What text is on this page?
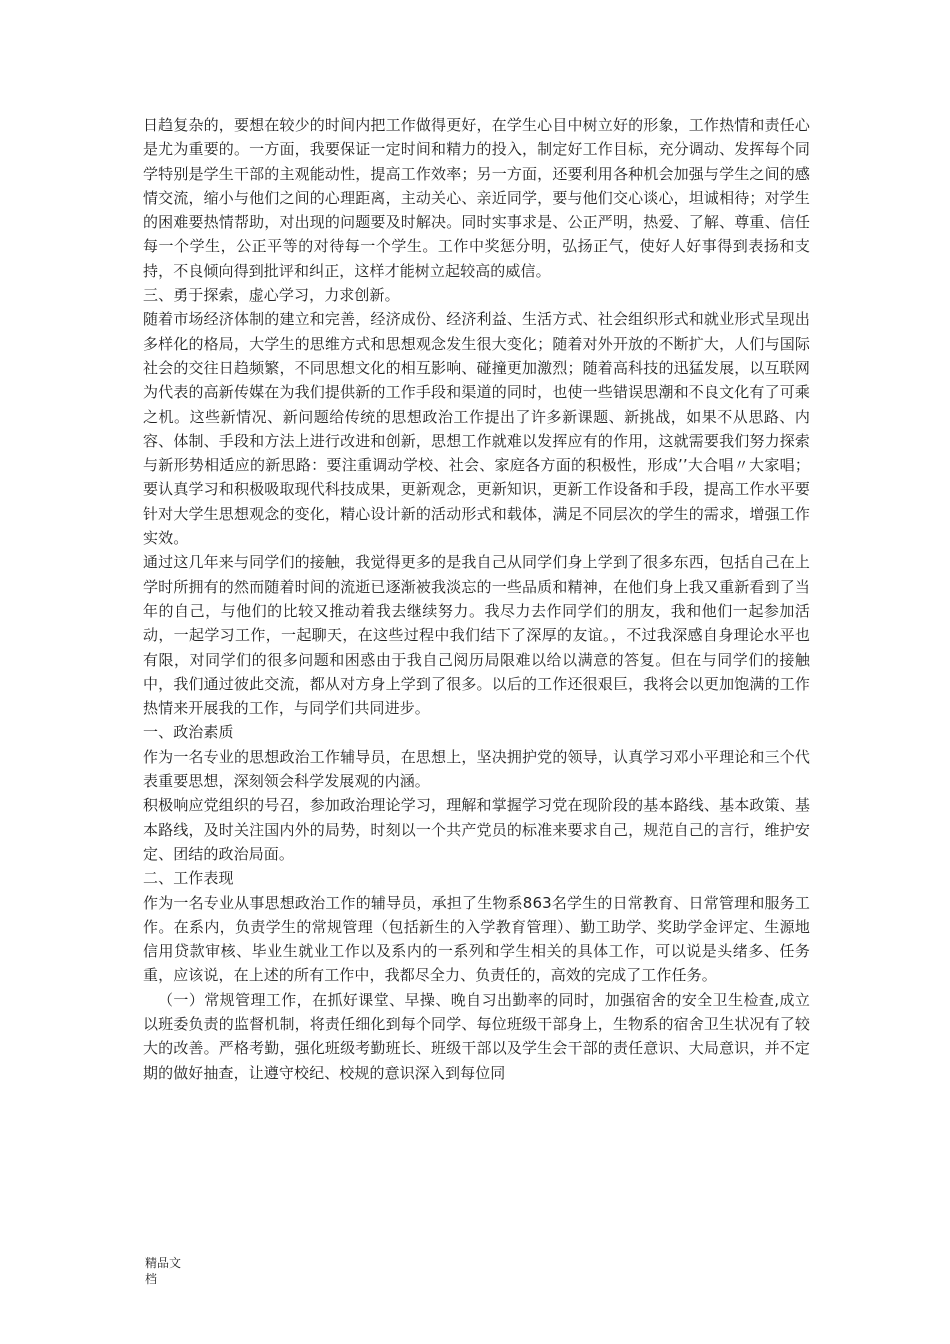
日趋复杂的，要想在较少的时间内把工作做得更好，在学生心目中树立好的形象，工作热情和责任心是尤为重要的。一方面，我要保证一定时间和精力的投入，制定好工作目标，充分调动、发挥每个同学特别是学生干部的主观能动性，提高工作效率；另一方面，还要利用各种机会加强与学生之间的感情交流，缩小与他们之间的心理距离，主动关心、亲近同学，要与他们交心谈心，坦诚相待；对学生的困难要热情帮助，对出现的问题要及时解决。同时实事求是、公正严明，热爱、了解、尊重、信任每一个学生，公正平等的对待每一个学生。工作中奖惩分明，弘扬正气，使好人好事得到表扬和支持，不良倾向得到批评和纠正，这样才能树立起较高的威信。

三、勇于探索，虚心学习，力求创新。

随着市场经济体制的建立和完善，经济成份、经济利益、生活方式、社会组织形式和就业形式呈现出多样化的格局，大学生的思维方式和思想观念发生很大变化；随着对外开放的不断扩大，人们与国际社会的交往日趋频繁，不同思想文化的相互影响、碰撞更加激烈；随着高科技的迅猛发展，以互联网为代表的高新传媒在为我们提供新的工作手段和渠道的同时，也使一些错误思潮和不良文化有了可乘之机。这些新情况、新问题给传统的思想政治工作提出了许多新课题、新挑战，如果不从思路、内容、体制、手段和方法上进行改进和创新，思想工作就难以发挥应有的作用，这就需要我们努力探索与新形势相适应的新思路：要注重调动学校、社会、家庭各方面的积极性，形成’’大合唱〃大家唱；要认真学习和积极吸取现代科技成果，更新观念，更新知识，更新工作设备和手段，提高工作水平要针对大学生思想观念的变化，精心设计新的活动形式和载体，满足不同层次的学生的需求，增强工作实效。

通过这几年来与同学们的接触，我觉得更多的是我自己从同学们身上学到了很多东西，包括自己在上学时所拥有的然而随着时间的流逝已逐渐被我淡忘的一些品质和精神，在他们身上我又重新看到了当年的自己，与他们的比较又推动着我去继续努力。我尽力去作同学们的朋友，我和他们一起参加活动，一起学习工作，一起聊天，在这些过程中我们结下了深厚的友谊。，不过我深感自身理论水平也有限，对同学们的很多问题和困惑由于我自己阅历局限难以给以满意的答复。但在与同学们的接触中，我们通过彼此交流，都从对方身上学到了很多。以后的工作还很艰巨，我将会以更加饱满的工作热情来开展我的工作，与同学们共同进步。

一、政治素质

作为一名专业的思想政治工作辅导员，在思想上，坚决拥护党的领导，认真学习邓小平理论和三个代表重要思想，深刻领会科学发展观的内涵。

积极响应党组织的号召，参加政治理论学习，理解和掌握学习党在现阶段的基本路线、基本政策、基本路线，及时关注国内外的局势，时刻以一个共产党员的标准来要求自己，规范自己的言行，维护安定、团结的政治局面。

二、工作表现

作为一名专业从事思想政治工作的辅导员，承担了生物系863名学生的日常教育、日常管理和服务工作。在系内，负责学生的常规管理（包括新生的入学教育管理）、勤工助学、奖助学金评定、生源地信用贷款审核、毕业生就业工作以及系内的一系列和学生相关的具体工作，可以说是头绪多、任务重，应该说，在上述的所有工作中，我都尽全力、负责任的，高效的完成了工作任务。

（一）常规管理工作，在抓好课堂、早操、晚自习出勤率的同时，加强宿舍的安全卫生检查,成立以班委负责的监督机制，将责任细化到每个同学、每位班级干部身上，生物系的宿舍卫生状况有了较大的改善。严格考勤，强化班级考勤班长、班级干部以及学生会干部的责任意识、大局意识，并不定期的做好抽查，让遵守校纪、校规的意识深入到每位同

精品文
档
